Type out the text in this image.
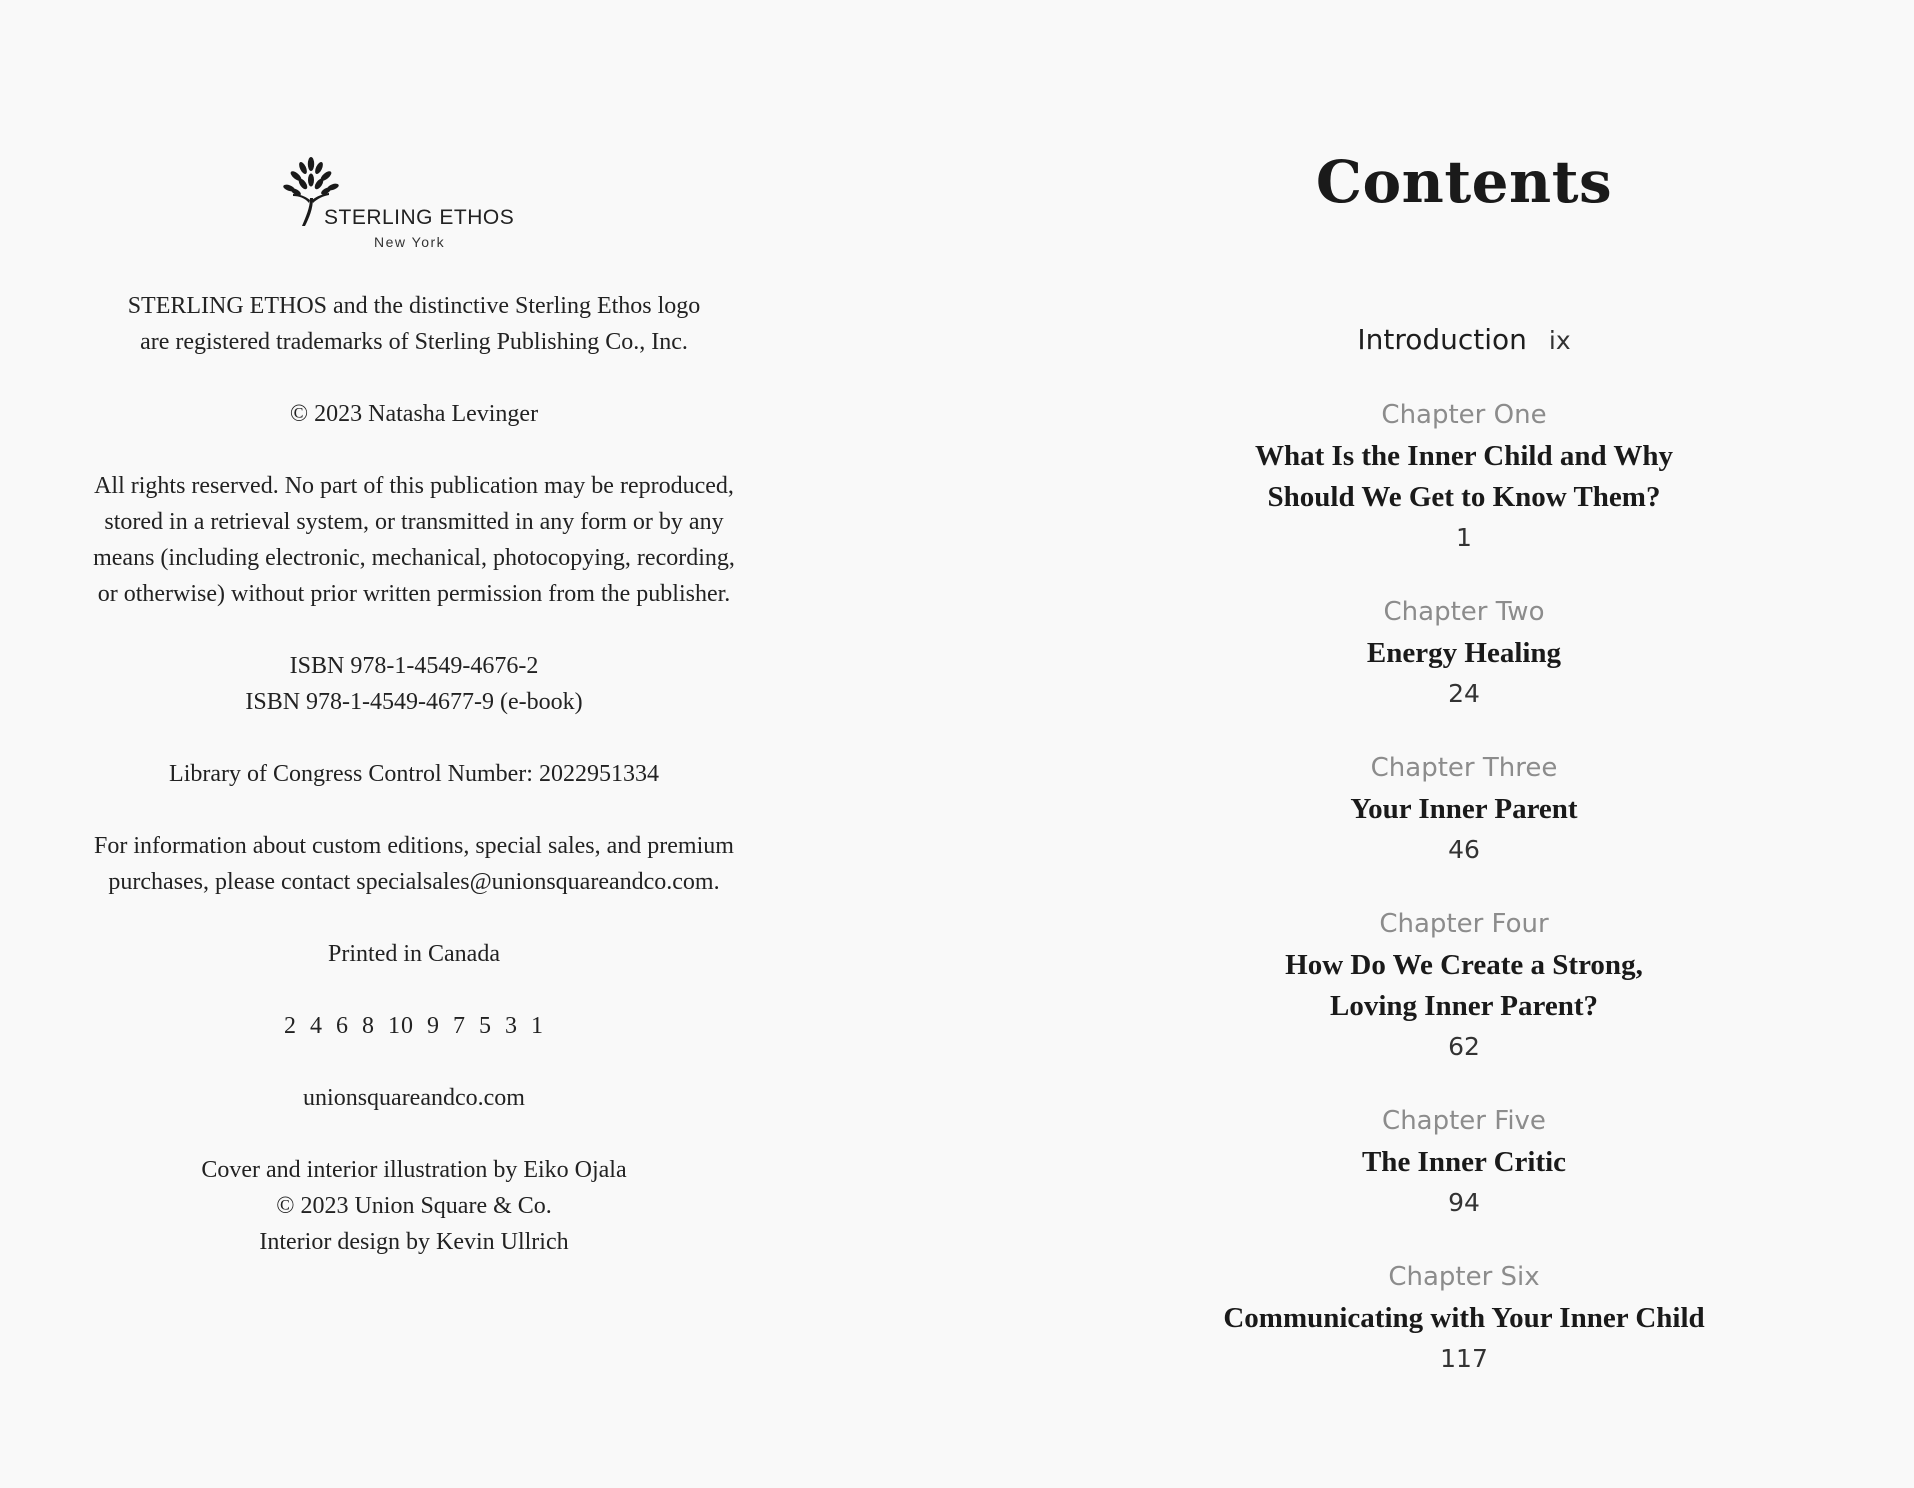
STERLING ETHOS
New York
STERLING ETHOS and the distinctive Sterling Ethos logo
are registered trademarks of Sterling Publishing Co., Inc.
© 2023 Natasha Levinger
All rights reserved. No part of this publication may be reproduced,
stored in a retrieval system, or transmitted in any form or by any
means (including electronic, mechanical, photocopying, recording,
or otherwise) without prior written permission from the publisher.
ISBN 978-1-4549-4676-2
ISBN 978-1-4549-4677-9 (e-book)
Library of Congress Control Number: 2022951334
For information about custom editions, special sales, and premium
purchases, please contact specialsales@unionsquareandco.com.
Printed in Canada
2 4 6 8 10 9 7 5 3 1
unionsquareandco.com
Cover and interior illustration by Eiko Ojala
© 2023 Union Square & Co.
Interior design by Kevin Ullrich
Contents
Introduction ix
Chapter One
What Is the Inner Child and Why
Should We Get to Know Them?
1
Chapter Two
Energy Healing
24
Chapter Three
Your Inner Parent
46
Chapter Four
How Do We Create a Strong,
Loving Inner Parent?
62
Chapter Five
The Inner Critic
94
Chapter Six
Communicating with Your Inner Child
117
